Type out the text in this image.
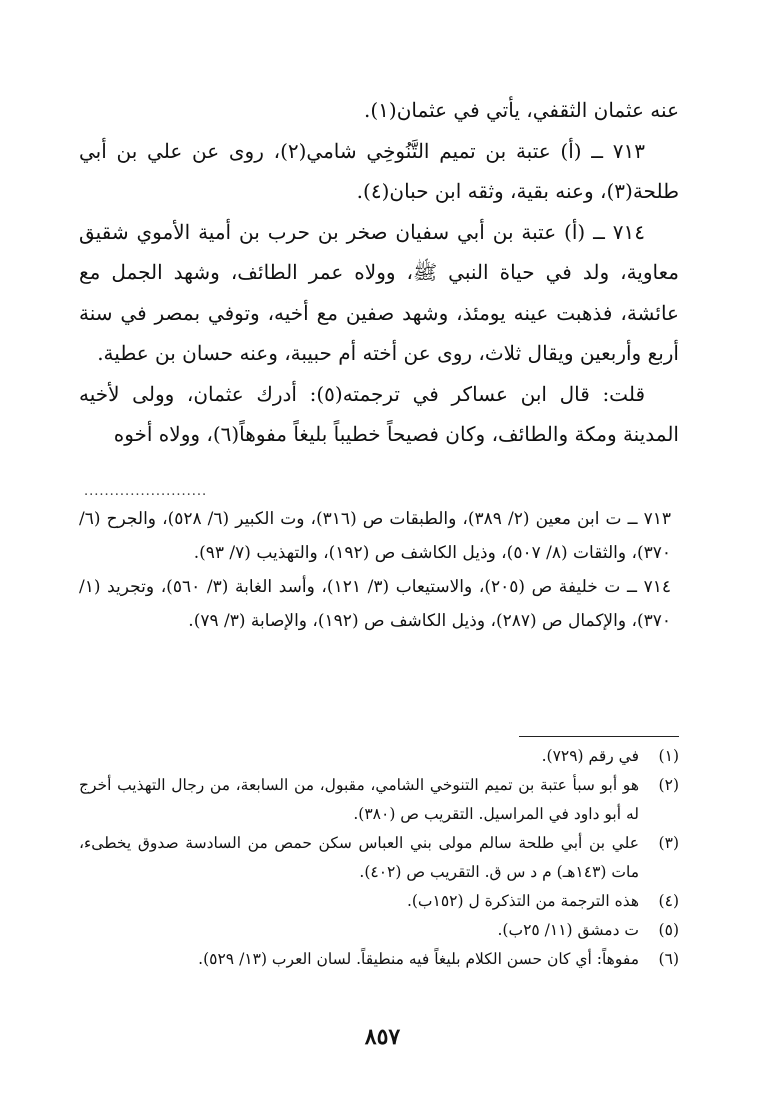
عنه عثمان الثقفي، يأتي في عثمان(١).

٧١٣ ــ (أ) عتبة بن تميم التَّنُوخِي شامي(٢)، روى عن علي بن أبي طلحة(٣)، وعنه بقية، وثقه ابن حبان(٤).

٧١٤ ــ (أ) عتبة بن أبي سفيان صخر بن حرب بن أمية الأموي شقيق معاوية، ولد في حياة النبي ﷺ، وولاه عمر الطائف، وشهد الجمل مع عائشة، فذهبت عينه يومئذ، وشهد صفين مع أخيه، وتوفي بمصر في سنة أربع وأربعين ويقال ثلاث، روى عن أخته أم حبيبة، وعنه حسان بن عطية.

قلت: قال ابن عساكر في ترجمته(٥): أدرك عثمان، وولى لأخيه المدينة ومكة والطائف، وكان فصيحاً خطيباً بليغاً مفوهاً(٦)، وولاه أخوه

........................

٧١٣ ــ ت ابن معين (٢/ ٣٨٩)، والطبقات ص (٣١٦)، وت الكبير (٦/ ٥٢٨)، والجرح (٦/ ٣٧٠)، والثقات (٨/ ٥٠٧)، وذيل الكاشف ص (١٩٢)، والتهذيب (٧/ ٩٣).

٧١٤ ــ ت خليفة ص (٢٠٥)، والاستيعاب (٣/ ١٢١)، وأسد الغابة (٣/ ٥٦٠)، وتجريد (١/ ٣٧٠)، والإكمال ص (٢٨٧)، وذيل الكاشف ص (١٩٢)، والإصابة (٣/ ٧٩).

(١)
في رقم (٧٢٩).
(٢)
هو أبو سبأ عتبة بن تميم التنوخي الشامي، مقبول، من السابعة، من رجال التهذيب أخرج له أبو داود في المراسيل. التقريب ص (٣٨٠).
(٣)
علي بن أبي طلحة سالم مولى بني العباس سكن حمص من السادسة صدوق يخطىء، مات (١٤٣هـ) م د س ق. التقريب ص (٤٠٢).
(٤)
هذه الترجمة من التذكرة ل (١٥٢ب).
(٥)
ت دمشق (١١/ ٢٥ب).
(٦)
مفوهاً: أي كان حسن الكلام بليغاً فيه منطيقاً. لسان العرب (١٣/ ٥٢٩).
٨٥٧
